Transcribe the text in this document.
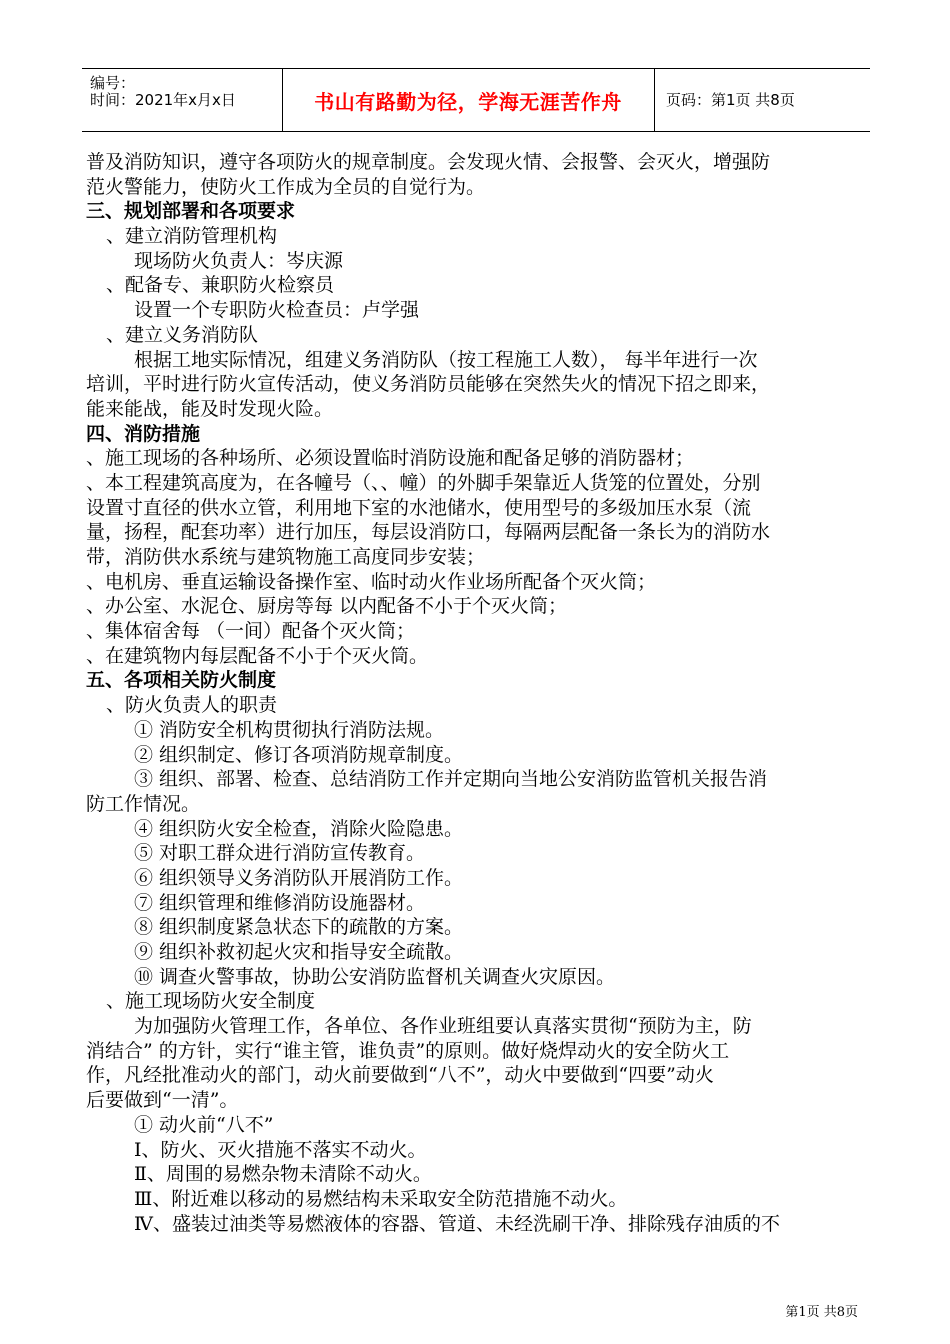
编号：
时间：2021年x月x日	书山有路勤为径，学海无涯苦作舟	页码：第1页 共8页
普及消防知识，遵守各项防火的规章制度。会发现火情、会报警、会灭火，增强防
范火警能力，使防火工作成为全员的自觉行为。
三、规划部署和各项要求
、建立消防管理机构
现场防火负责人：岑庆源
、配备专、兼职防火检察员
设置一个专职防火检查员：卢学强
、建立义务消防队
根据工地实际情况，组建义务消防队（按工程施工人数）， 每半年进行一次
培训，平时进行防火宣传活动，使义务消防员能够在突然失火的情况下招之即来，
能来能战，能及时发现火险。
四、消防措施
、施工现场的各种场所、必须设置临时消防设施和配备足够的消防器材；
、本工程建筑高度为，在各幢号（、、幢）的外脚手架靠近人货笼的位置处，分别
设置寸直径的供水立管，利用地下室的水池储水，使用型号的多级加压水泵（流
量，扬程，配套功率）进行加压，每层设消防口，每隔两层配备一条长为的消防水
带，消防供水系统与建筑物施工高度同步安装；
、电机房、垂直运输设备操作室、临时动火作业场所配备个灭火筒；
、办公室、水泥仓、厨房等每 以内配备不小于个灭火筒；
、集体宿舍每 （一间）配备个灭火筒；
、在建筑物内每层配备不小于个灭火筒。
五、各项相关防火制度
、防火负责人的职责
① 消防安全机构贯彻执行消防法规。
② 组织制定、修订各项消防规章制度。
③ 组织、部署、检查、总结消防工作并定期向当地公安消防监管机关报告消
防工作情况。
④ 组织防火安全检查，消除火险隐患。
⑤ 对职工群众进行消防宣传教育。
⑥ 组织领导义务消防队开展消防工作。
⑦ 组织管理和维修消防设施器材。
⑧ 组织制度紧急状态下的疏散的方案。
⑨ 组织补救初起火灾和指导安全疏散。
⑩ 调查火警事故，协助公安消防监督机关调查火灾原因。
、施工现场防火安全制度
为加强防火管理工作，各单位、各作业班组要认真落实贯彻“预防为主，防
消结合” 的方针，实行“谁主管，谁负责”的原则。做好烧焊动火的安全防火工
作，凡经批准动火的部门，动火前要做到“八不”，动火中要做到“四要”动火
后要做到“一清”。
① 动火前“八不”
Ⅰ、防火、灭火措施不落实不动火。
Ⅱ、周围的易燃杂物未清除不动火。
Ⅲ、附近难以移动的易燃结构未采取安全防范措施不动火。
Ⅳ、盛装过油类等易燃液体的容器、管道、未经洗刷干净、排除残存油质的不
第1页 共8页
